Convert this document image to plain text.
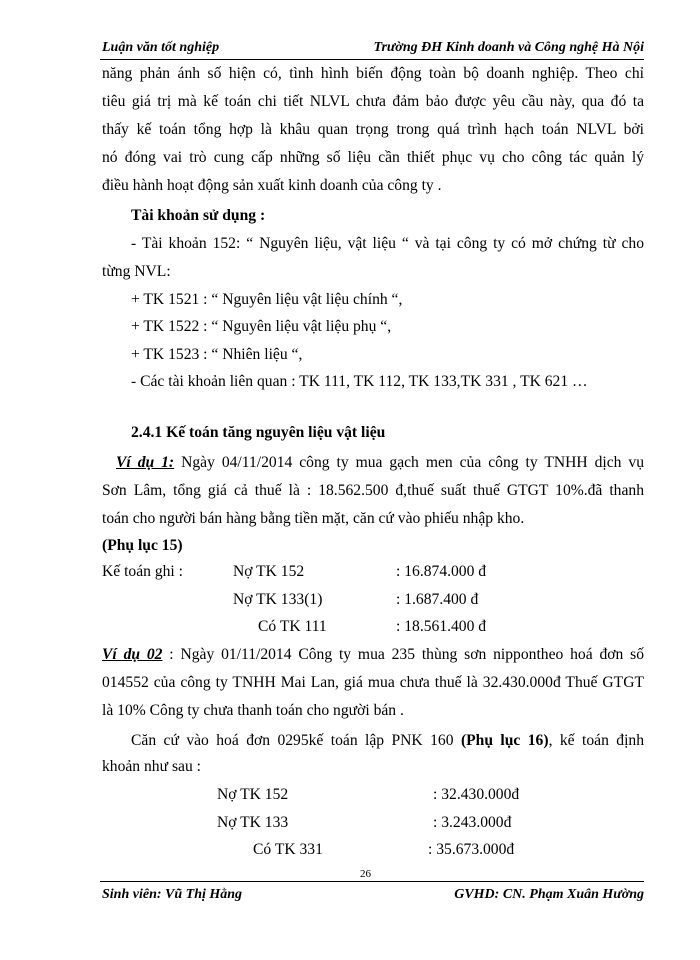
Luận văn tốt nghiệp	Trường ĐH Kinh doanh và Công nghệ Hà Nội
năng phản ánh số hiện có, tình hình biến động toàn bộ doanh nghiệp. Theo chỉ
tiêu giá trị mà kế toán chi tiết NLVL chưa đảm bảo được yêu cầu này, qua đó ta
thấy kế toán tổng hợp là khâu quan trọng trong quá trình hạch toán NLVL bởi
nó đóng vai trò cung cấp những số liệu cần thiết phục vụ cho công tác quản lý
điều hành hoạt động sản xuất kinh doanh của công ty .
Tài khoản sử dụng :
- Tài khoản 152: “ Nguyên liệu, vật liệu “ và tại công ty có mở chứng từ cho
từng NVL:
+ TK 1521 : “ Nguyên liệu vật liệu chính “,
+ TK 1522 : “ Nguyên liệu vật liệu phụ “,
+ TK 1523 : “ Nhiên liệu “,
- Các tài khoản liên quan : TK 111, TK 112, TK 133,TK 331 , TK 621 …
2.4.1 Kế toán tăng nguyên liệu vật liệu
Ví dụ 1: Ngày 04/11/2014 công ty mua gạch men của công ty TNHH dịch vụ
Sơn Lâm, tổng giá cả thuế là : 18.562.500 đ,thuế suất thuế GTGT 10%.đã thanh
toán cho người bán hàng bằng tiền mặt, căn cứ vào phiếu nhập kho.
(Phụ lục 15)
Kế toán ghi :	Nợ TK 152	: 16.874.000 đ
Nợ TK 133(1)	: 1.687.400 đ
Có TK 111	: 18.561.400 đ
Ví dụ 02 : Ngày 01/11/2014 Công ty mua 235 thùng sơn nippontheo hoá đơn số
014552 của công ty TNHH Mai Lan, giá mua chưa thuế là 32.430.000đ Thuế GTGT
là 10% Công ty chưa thanh toán cho người bán .
Căn cứ vào hoá đơn 0295kế toán lập PNK 160 (Phụ lục 16), kế toán định
khoản như sau :
Nợ TK 152	: 32.430.000đ
Nợ TK 133	: 3.243.000đ
Có TK 331	: 35.673.000đ
26
Sinh viên: Vũ Thị Hằng	GVHD: CN. Phạm Xuân Hường
